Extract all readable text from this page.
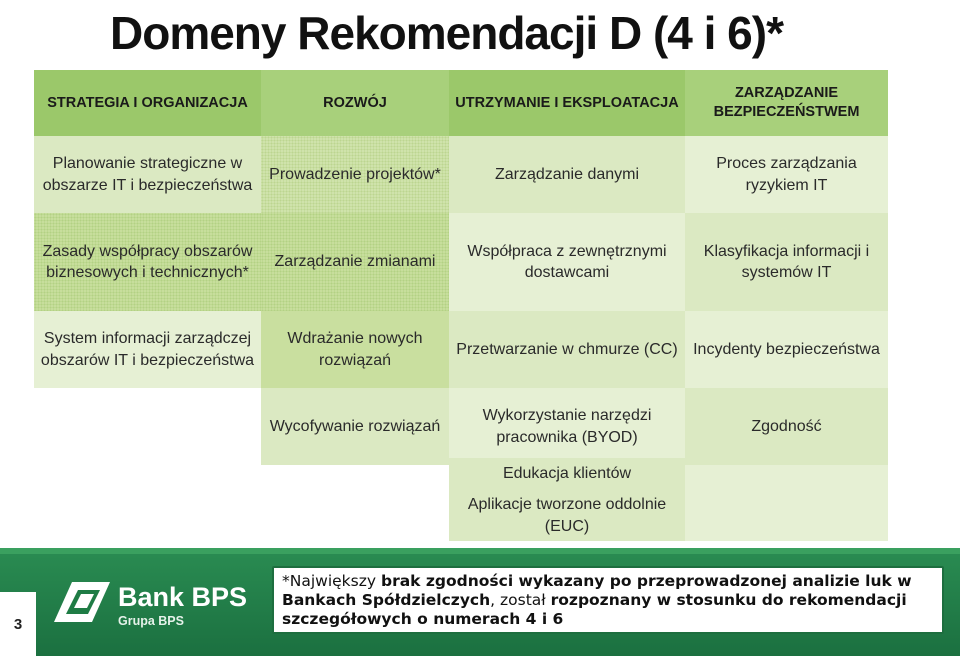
Domeny Rekomendacji D (4 i 6)*
STRATEGIA I ORGANIZACJA	ROZWÓJ	UTRZYMANIE I EKSPLOATACJA
ZARZĄDZANIE BEZPIECZEŃSTWEM
Planowanie strategiczne w obszarze IT i bezpieczeństwa
Zasady współpracy obszarów biznesowych i technicznych*
System informacji zarządczej obszarów IT i bezpieczeństwa
Prowadzenie projektów*
Zarządzanie zmianami
Wdrażanie nowych rozwiązań
Wycofywanie rozwiązań
Zarządzanie danymi
Współpraca z zewnętrznymi dostawcami
Przetwarzanie w chmurze (CC)
Wykorzystanie narzędzi pracownika (BYOD)
Edukacja klientów
Aplikacje tworzone oddolnie (EUC)
Proces zarządzania ryzykiem IT
Klasyfikacja informacji i systemów IT
Incydenty bezpieczeństwa
Zgodność
3
Bank BPS
Grupa BPS
*Największy brak zgodności wykazany po przeprowadzonej analizie luk w Bankach Spółdzielczych, został rozpoznany w stosunku do rekomendacji szczegółowych o numerach 4 i 6
